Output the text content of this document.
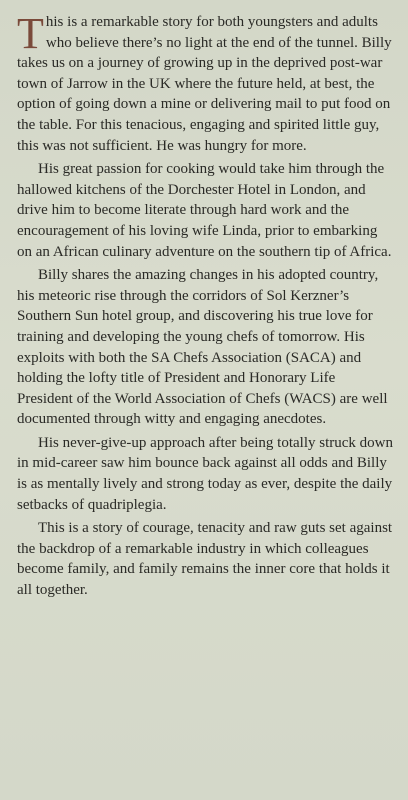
This is a remarkable story for both youngsters and adults who believe there’s no light at the end of the tunnel. Billy takes us on a journey of growing up in the deprived post-war town of Jarrow in the UK where the future held, at best, the option of going down a mine or delivering mail to put food on the table. For this tenacious, engaging and spirited little guy, this was not sufficient. He was hungry for more.

His great passion for cooking would take him through the hallowed kitchens of the Dorchester Hotel in London, and drive him to become literate through hard work and the encouragement of his loving wife Linda, prior to embarking on an African culinary adventure on the southern tip of Africa.

Billy shares the amazing changes in his adopted country, his meteoric rise through the corridors of Sol Kerzner’s Southern Sun hotel group, and discovering his true love for training and developing the young chefs of tomorrow. His exploits with both the SA Chefs Association (SACA) and holding the lofty title of President and Honorary Life President of the World Association of Chefs (WACS) are well documented through witty and engaging anecdotes.

His never-give-up approach after being totally struck down in mid-career saw him bounce back against all odds and Billy is as mentally lively and strong today as ever, despite the daily setbacks of quadriplegia.

This is a story of courage, tenacity and raw guts set against the backdrop of a remarkable industry in which colleagues become family, and family remains the inner core that holds it all together.
